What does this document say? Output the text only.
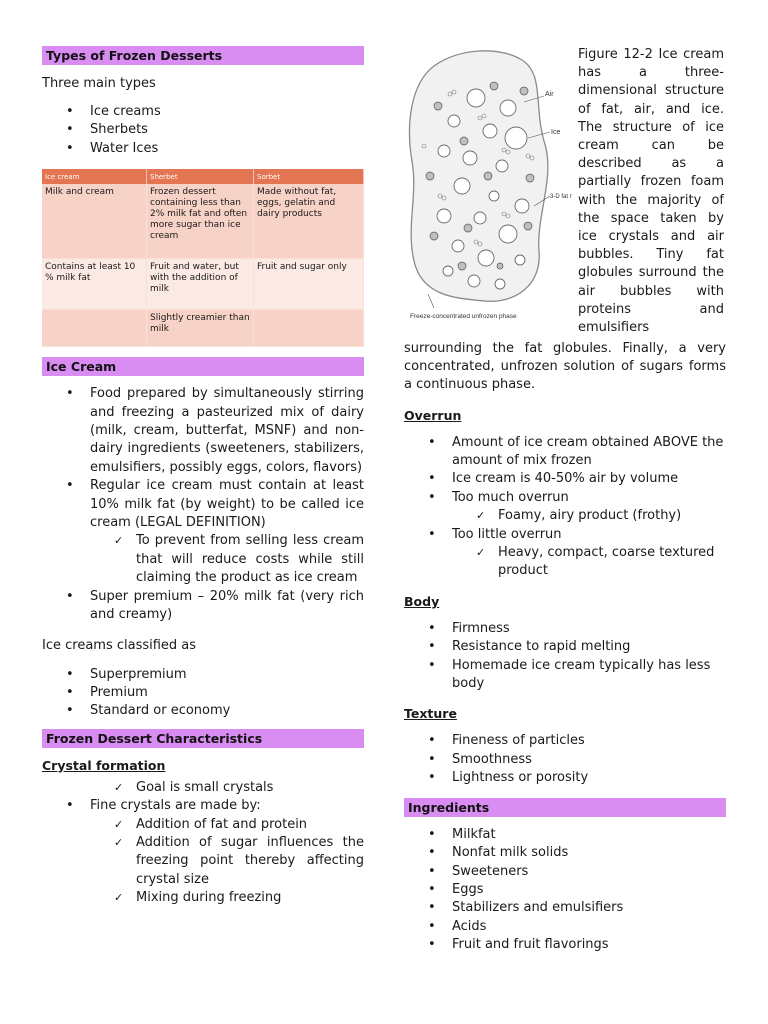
Types of Frozen Desserts

Three main types

• Ice creams
• Sherbets
• Water Ices
Ice cream	Sherbet	Sorbet
Milk and cream	Frozen dessert containing less than 2% milk fat and often more sugar than ice cream	Made without fat, eggs, gelatin and dairy products
Contains at least 10 % milk fat	Fruit and water, but with the addition of milk	Fruit and sugar only
	Slightly creamier than milk	
Ice Cream
• Food prepared by simultaneously stirring and freezing a pasteurized mix of dairy (milk, cream, butterfat, MSNF) and non-dairy ingredients (sweeteners, stabilizers, emulsifiers, possibly eggs, colors, flavors)
• Regular ice cream must contain at least 10% milk fat (by weight) to be called ice cream (LEGAL DEFINITION)
✓ To prevent from selling less cream that will reduce costs while still claiming the product as ice cream
• Super premium – 20% milk fat (very rich and creamy)

Ice creams classified as

• Superpremium
• Premium
• Standard or economy
Frozen Dessert Characteristics

Crystal formation

✓ Goal is small crystals
• Fine crystals are made by:
✓ Addition of fat and protein
✓ Addition of sugar influences the freezing point thereby affecting crystal size
✓ Mixing during freezing
Air
Ice
3-D fat n
Freeze-concentrated unfrozen phase
Figure 12-2 Ice cream has a three-dimensional structure of fat, air, and ice. The structure of ice cream can be described as a partially frozen foam with the majority of the space taken by ice crystals and air bubbles. Tiny fat globules surround the air bubbles with proteins and emulsifiers

surrounding the fat globules. Finally, a very concentrated, unfrozen solution of sugars forms a continuous phase.

Overrun

• Amount of ice cream obtained ABOVE the amount of mix frozen
• Ice cream is 40-50% air by volume
• Too much overrun
✓ Foamy, airy product (frothy)
• Too little overrun
✓ Heavy, compact, coarse textured product

Body

• Firmness
• Resistance to rapid melting
• Homemade ice cream typically has less body

Texture

• Fineness of particles
• Smoothness
• Lightness or porosity
Ingredients
• Milkfat
• Nonfat milk solids
• Sweeteners
• Eggs
• Stabilizers and emulsifiers
• Acids
• Fruit and fruit flavorings
